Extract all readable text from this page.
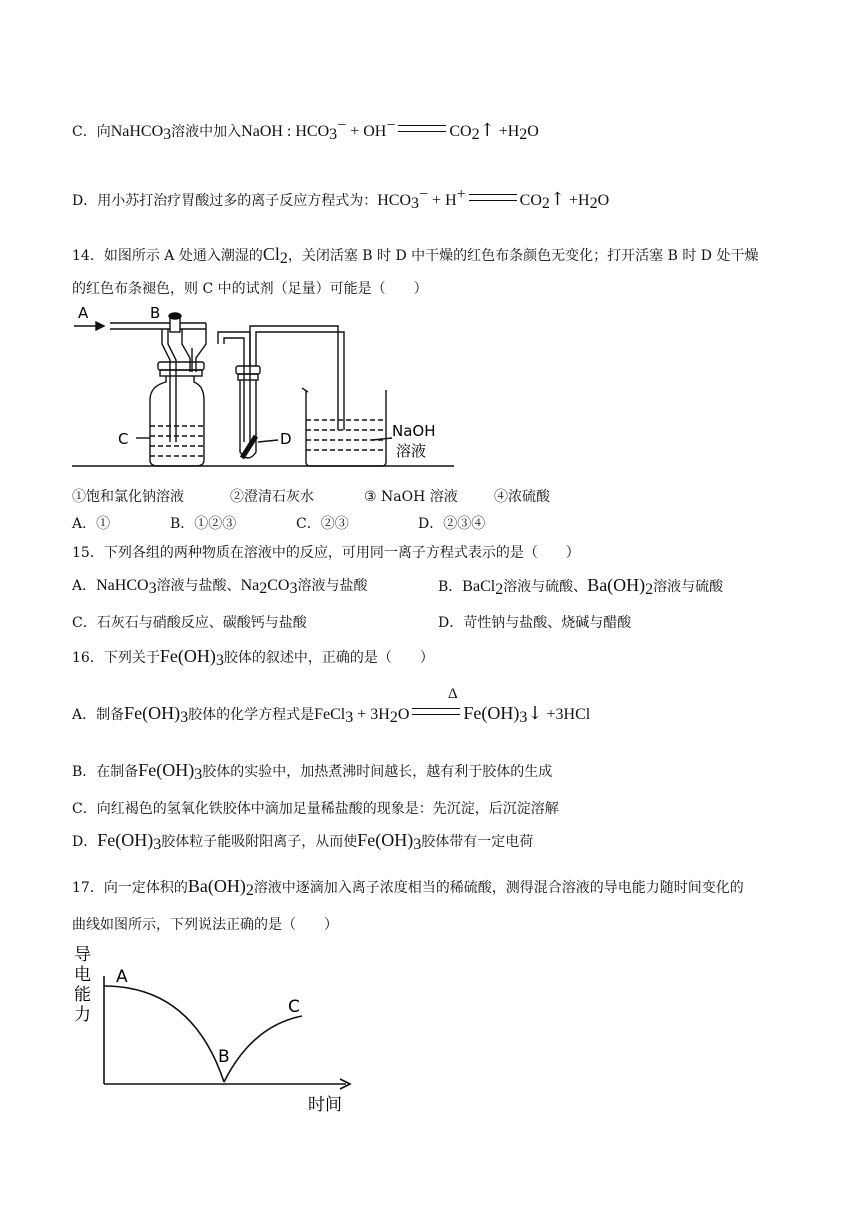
C．向NaHCO$_3$溶液中加入NaOH : $HCO_3^- + OH^-$	$CO_2↑ +H_2O$
D．用小苏打治疗胃酸过多的离子反应方程式为：$HCO_3^- + H^+$	$CO_2↑ +H_2O$
14．如图所示 A 处通入潮湿的$Cl_2$，关闭活塞 B 时 D 中干燥的红色布条颜色无变化；打开活塞 B 时 D 处干燥
的红色布条褪色，则 C 中的试剂（足量）可能是（　　）
A	B
C	D	NaOH
溶液
①饱和氯化钠溶液	②澄清石灰水	③ NaOH 溶液	④浓硫酸
A．①	B．①②③	C．②③	D．②③④
15．下列各组的两种物质在溶液中的反应，可用同一离子方程式表示的是（　　）
A．NaHCO$_3$溶液与盐酸、$Na_2CO_3$溶液与盐酸	B．BaCl$_2$溶液与硫酸、$Ba(OH)_2$溶液与硫酸
C．石灰石与硝酸反应、碳酸钙与盐酸	D．苛性钠与盐酸、烧碱与醋酸
16．下列关于$Fe(OH)_3$胶体的叙述中，正确的是（　　）
Δ
A．制备$Fe(OH)_3$胶体的化学方程式是FeCl$_3$ + $3H_2O$	$Fe(OH)_3↓ +3HCl$
B．在制备$Fe(OH)_3$胶体的实验中，加热煮沸时间越长，越有利于胶体的生成
C．向红褐色的氢氧化铁胶体中滴加足量稀盐酸的现象是：先沉淀，后沉淀溶解
D．$Fe(OH)_3$胶体粒子能吸附阳离子，从而使$Fe(OH)_3$胶体带有一定电荷
17．向一定体积的$Ba(OH)_2$溶液中逐滴加入离子浓度相当的稀硫酸，测得混合溶液的导电能力随时间变化的
曲线如图所示，下列说法正确的是（　　）
导
电
能
力
A
B
C
时间
